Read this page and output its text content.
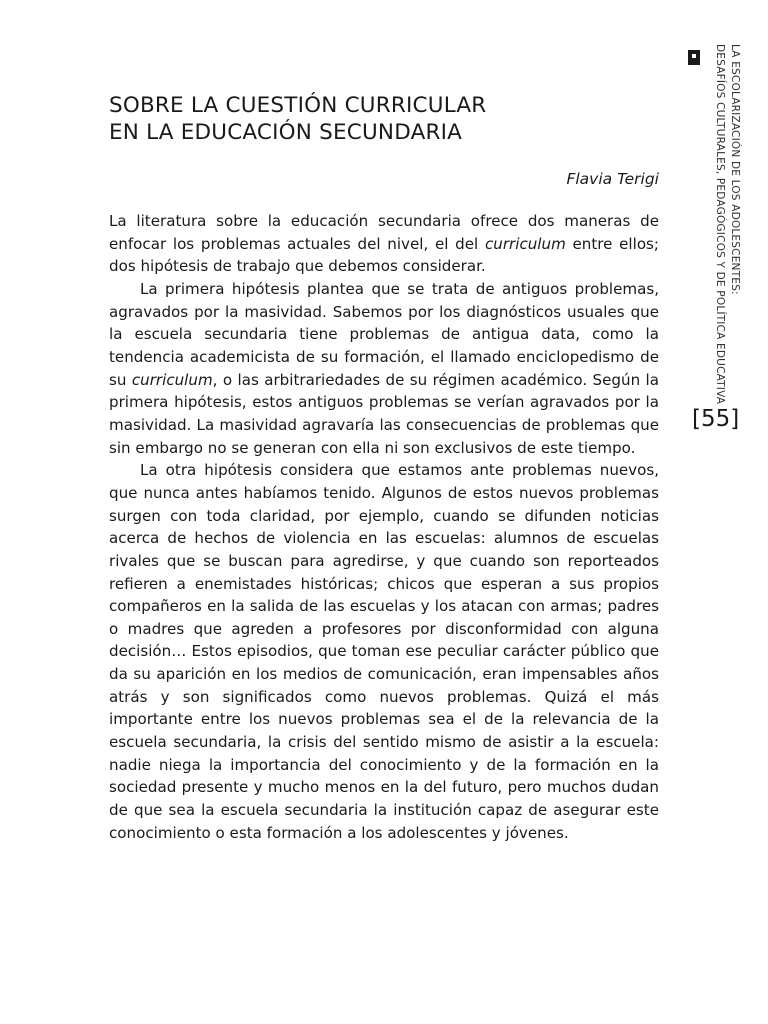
SOBRE LA CUESTIÓN CURRICULAR
EN LA EDUCACIÓN SECUNDARIA
Flavia Terigi

La literatura sobre la educación secundaria ofrece dos maneras de enfocar los problemas actuales del nivel, el del curriculum entre ellos; dos hipótesis de trabajo que debemos considerar.

La primera hipótesis plantea que se trata de antiguos problemas, agravados por la masividad. Sabemos por los diagnósticos usuales que la escuela secundaria tiene problemas de antigua data, como la tendencia academicista de su formación, el llamado enciclopedismo de su curriculum, o las arbitrariedades de su régimen académico. Según la primera hipótesis, estos antiguos problemas se verían agravados por la masividad. La masividad agravaría las consecuencias de problemas que sin embargo no se generan con ella ni son exclusivos de este tiempo.

La otra hipótesis considera que estamos ante problemas nuevos, que nunca antes habíamos tenido. Algunos de estos nuevos problemas surgen con toda claridad, por ejemplo, cuando se difunden noticias acerca de hechos de violencia en las escuelas: alumnos de escuelas rivales que se buscan para agredirse, y que cuando son reporteados refieren a enemistades históricas; chicos que esperan a sus propios compañeros en la salida de las escuelas y los atacan con armas; padres o madres que agreden a profesores por disconformidad con alguna decisión… Estos episodios, que toman ese peculiar carácter público que da su aparición en los medios de comunicación, eran impensables años atrás y son significados como nuevos problemas. Quizá el más importante entre los nuevos problemas sea el de la relevancia de la escuela secundaria, la crisis del sentido mismo de asistir a la escuela: nadie niega la importancia del conocimiento y de la formación en la sociedad presente y mucho menos en la del futuro, pero muchos dudan de que sea la escuela secundaria la institución capaz de asegurar este conocimiento o esta formación a los adolescentes y jóvenes.

LA ESCOLARIZACIÓN DE LOS ADOLESCENTES:
DESAFÍOS CULTURALES, PEDAGÓGICOS Y DE POLÍTICA EDUCATIVA
[55]
